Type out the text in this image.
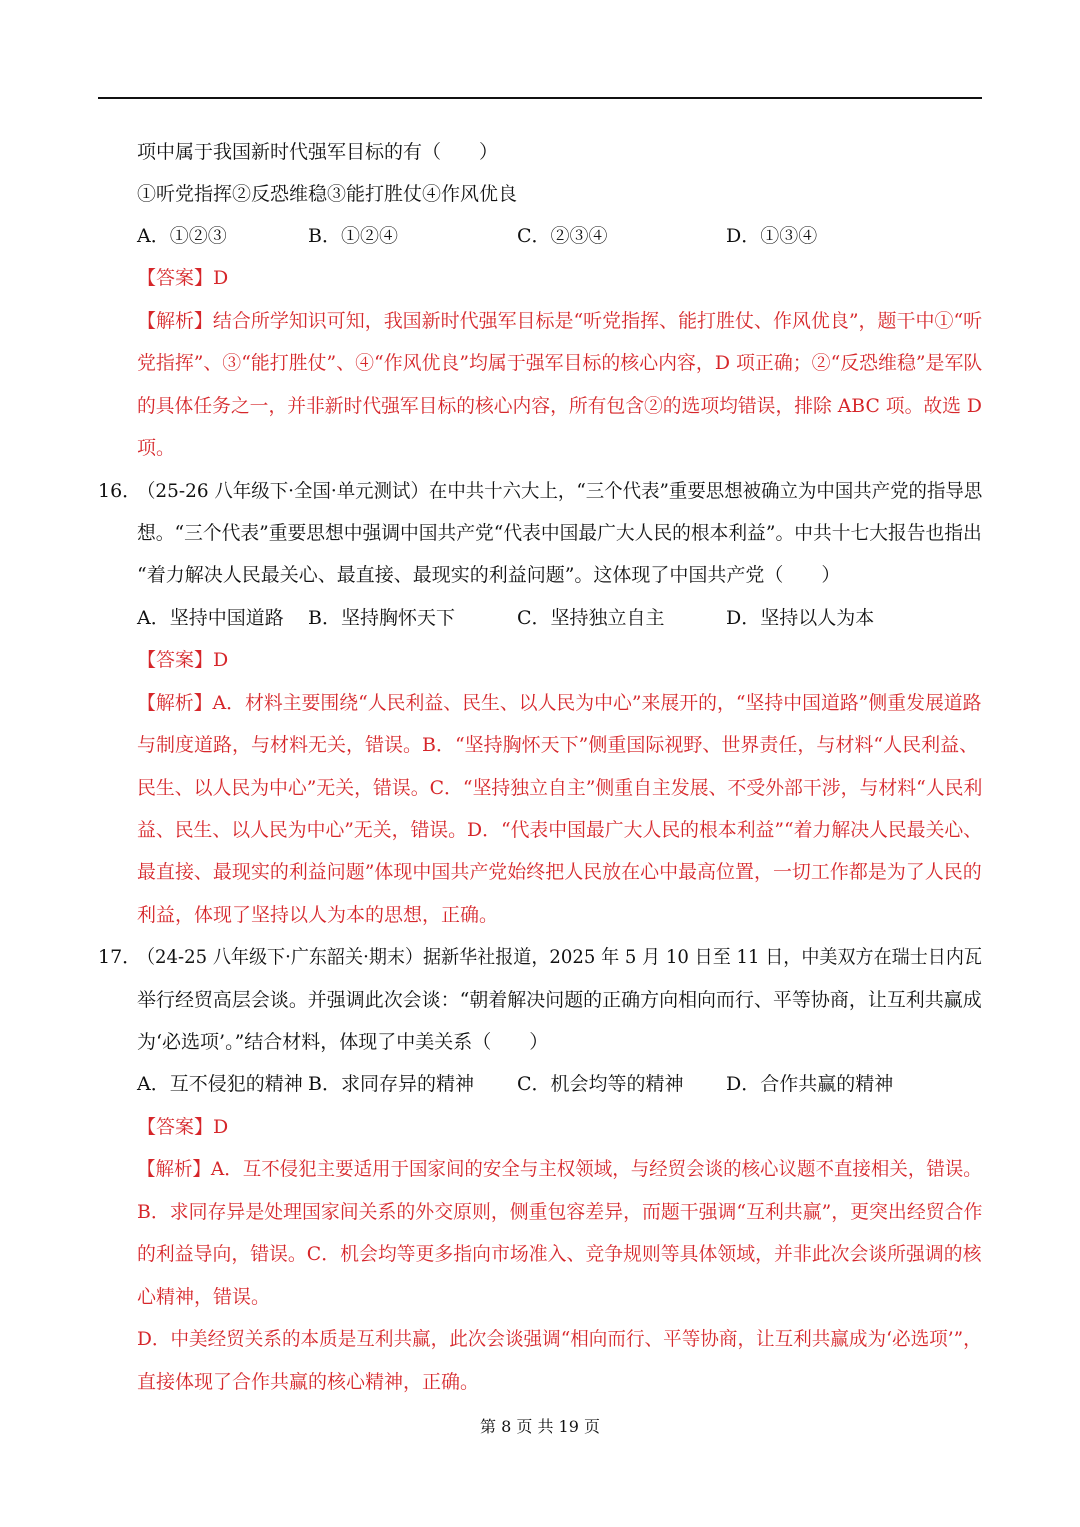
项中属于我国新时代强军目标的有（　　）
①听党指挥②反恐维稳③能打胜仗④作风优良
A．①②③	B．①②④	C．②③④	D．①③④
【答案】D
【解析】结合所学知识可知，我国新时代强军目标是“听党指挥、能打胜仗、作风优良”，题干中①“听
党指挥”、③“能打胜仗”、④“作风优良”均属于强军目标的核心内容，D 项正确；②“反恐维稳”是军队
的具体任务之一，并非新时代强军目标的核心内容，所有包含②的选项均错误，排除 ABC 项。故选 D
项。
16．
（25-26 八年级下·全国·单元测试）在中共十六大上，“三个代表”重要思想被确立为中国共产党的指导思
想。“三个代表”重要思想中强调中国共产党“代表中国最广大人民的根本利益”。中共十七大报告也指出
“着力解决人民最关心、最直接、最现实的利益问题”。这体现了中国共产党（　　）
A．坚持中国道路 B．坚持胸怀天下	C．坚持独立自主	D．坚持以人为本
【答案】D
【解析】A．材料主要围绕“人民利益、民生、以人民为中心”来展开的，“坚持中国道路”侧重发展道路
与制度道路，与材料无关，错误。B．“坚持胸怀天下”侧重国际视野、世界责任，与材料“人民利益、
民生、以人民为中心”无关，错误。C．“坚持独立自主”侧重自主发展、不受外部干涉，与材料“人民利
益、民生、以人民为中心”无关，错误。D．“代表中国最广大人民的根本利益”“着力解决人民最关心、
最直接、最现实的利益问题”体现中国共产党始终把人民放在心中最高位置，一切工作都是为了人民的
利益，体现了坚持以人为本的思想，正确。
17．
（24-25 八年级下·广东韶关·期末）据新华社报道，2025 年 5 月 10 日至 11 日，中美双方在瑞士日内瓦
举行经贸高层会谈。并强调此次会谈：“朝着解决问题的正确方向相向而行、平等协商，让互利共赢成
为‘必选项’。”结合材料，体现了中美关系（　　）
A．互不侵犯的精神 B．求同存异的精神 C．机会均等的精神 D．合作共赢的精神
【答案】D
【解析】A．互不侵犯主要适用于国家间的安全与主权领域，与经贸会谈的核心议题不直接相关，错误。
B．求同存异是处理国家间关系的外交原则，侧重包容差异，而题干强调“互利共赢”，更突出经贸合作
的利益导向，错误。C．机会均等更多指向市场准入、竞争规则等具体领域，并非此次会谈所强调的核
心精神，错误。
D．中美经贸关系的本质是互利共赢，此次会谈强调“相向而行、平等协商，让互利共赢成为‘必选项’”，
直接体现了合作共赢的核心精神，正确。
第 8 页 共 19 页
